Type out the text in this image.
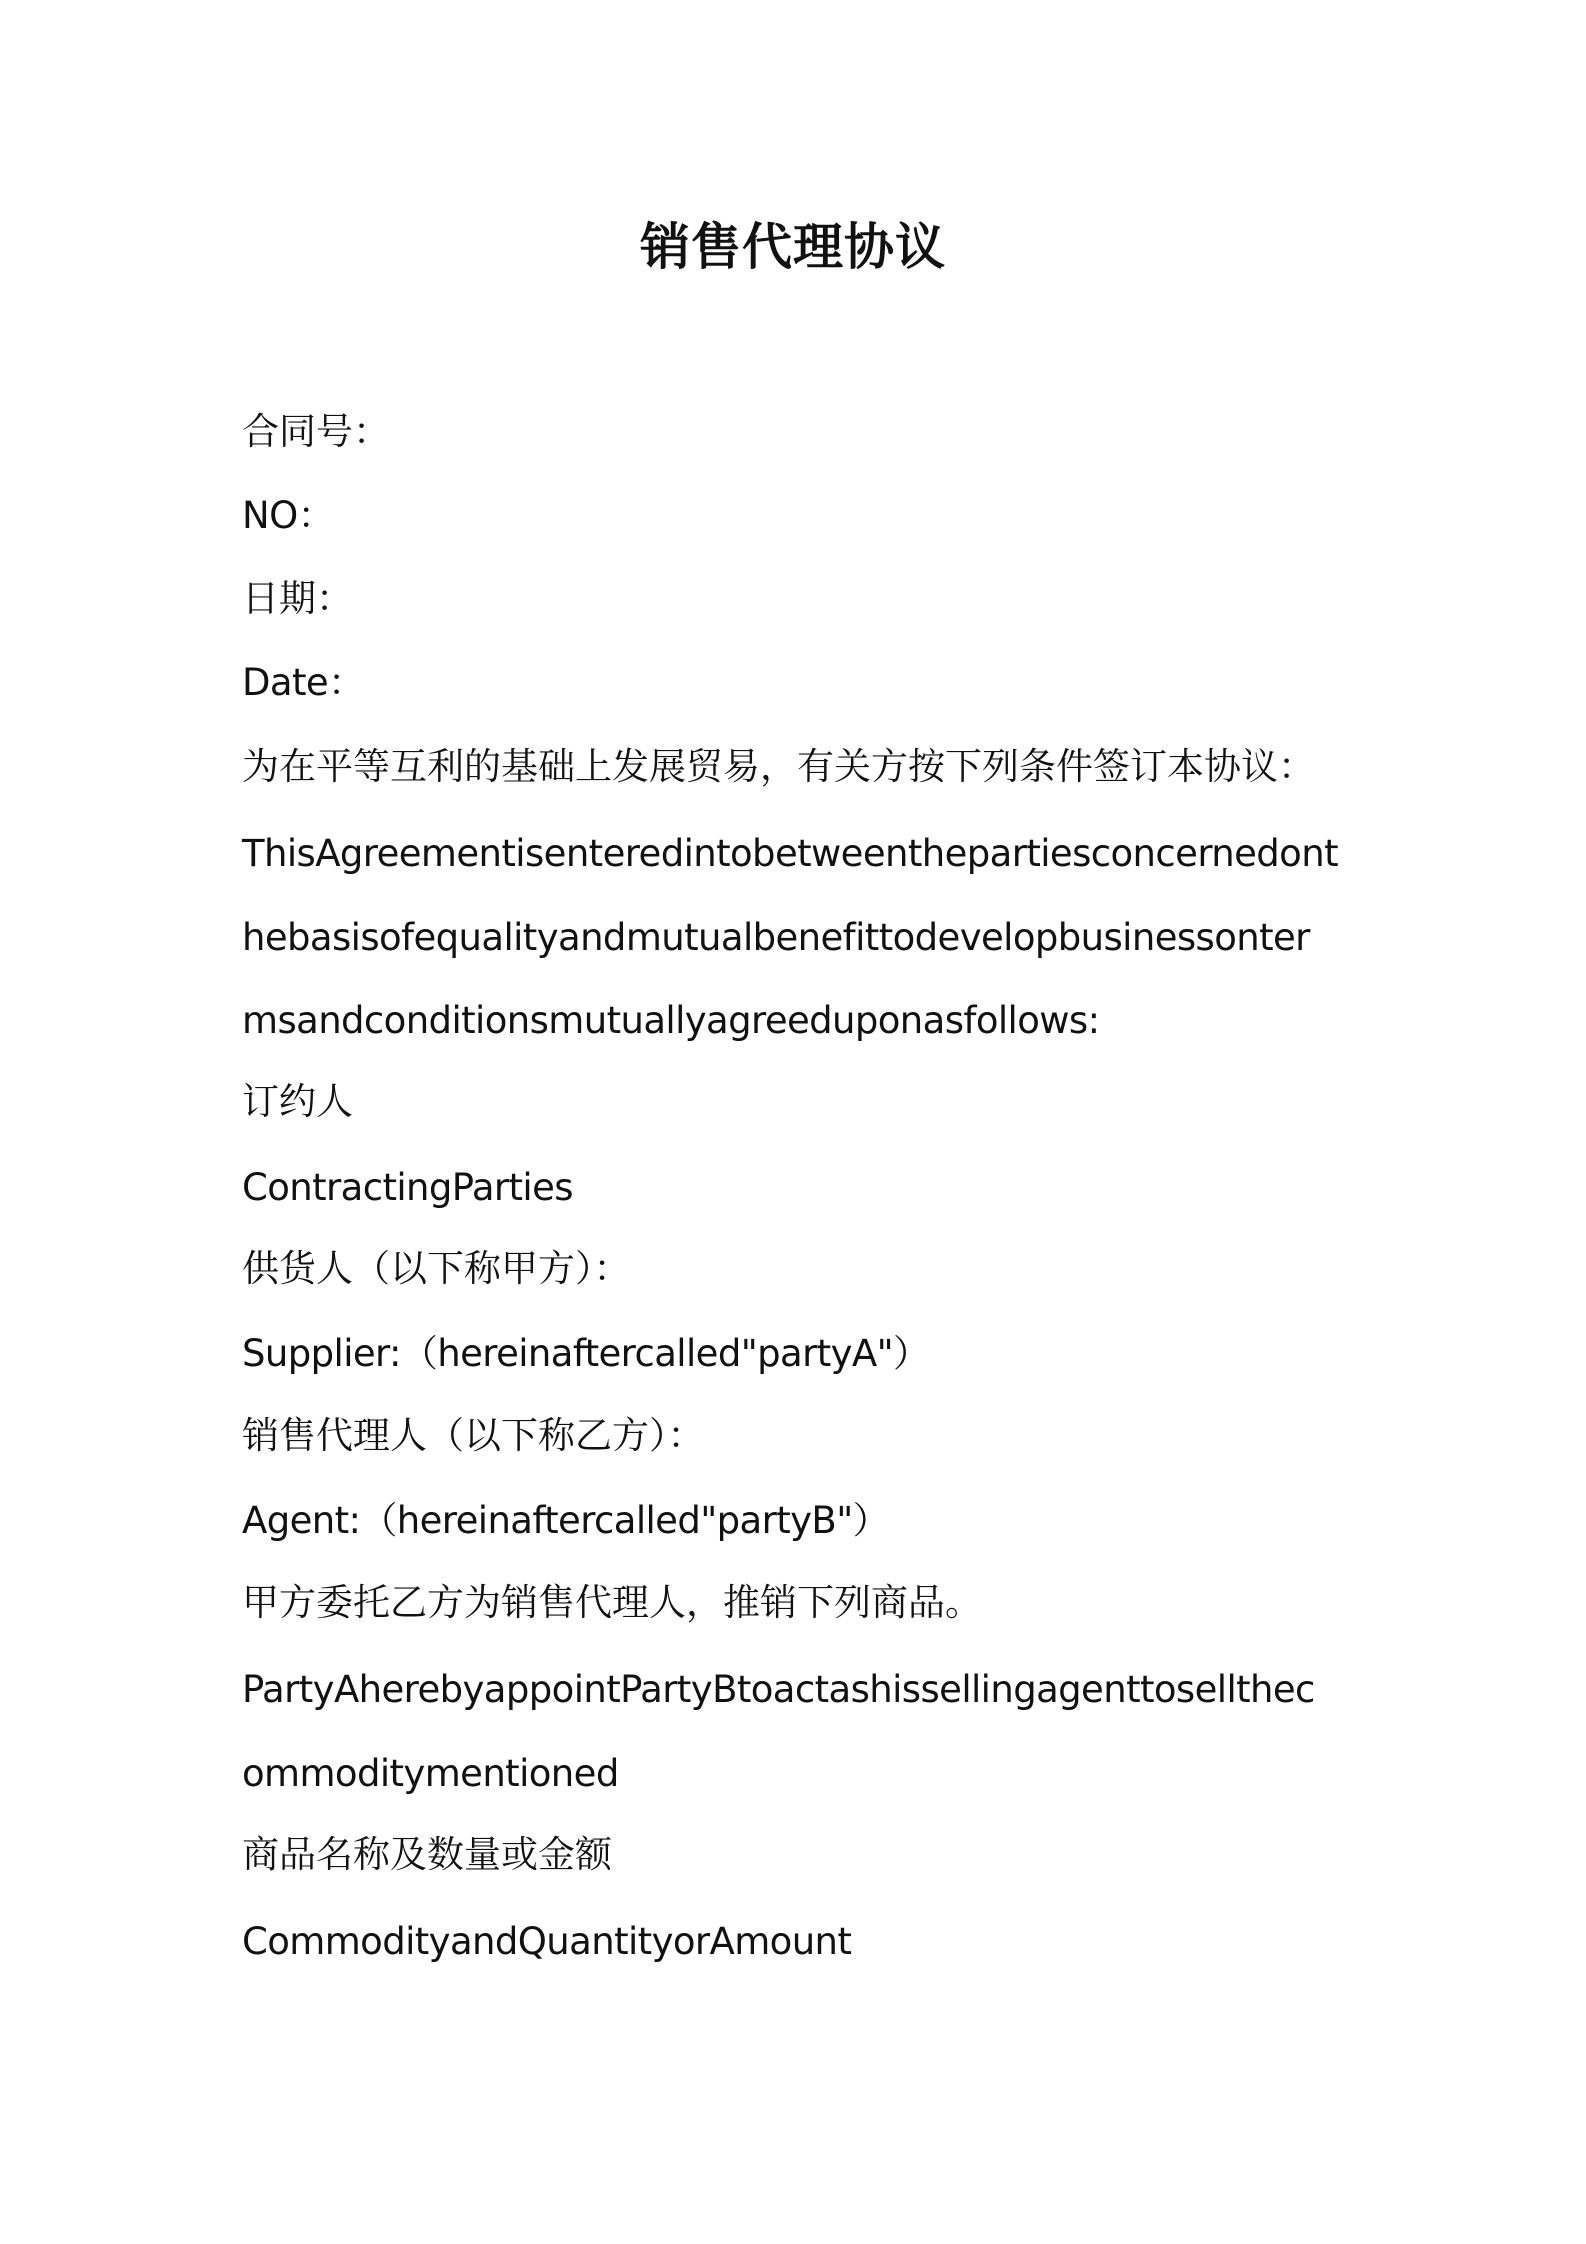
销售代理协议

合同号：

NO：

日期：

Date：

为在平等互利的基础上发展贸易，有关方按下列条件签订本协议：

ThisAgreementisenteredintobetweenthepartiesconcernedont

hebasisofequalityandmutualbenefittodevelopbusinessonter

msandconditionsmutuallyagreeduponasfollows:

订约人

ContractingParties

供货人（以下称甲方）：

Supplier:（hereinaftercalled"partyA"）

销售代理人（以下称乙方）：

Agent:（hereinaftercalled"partyB"）

甲方委托乙方为销售代理人，推销下列商品。

PartyAherebyappointPartyBtoactashissellingagenttosellthec

ommoditymentioned

商品名称及数量或金额

CommodityandQuantityorAmount
